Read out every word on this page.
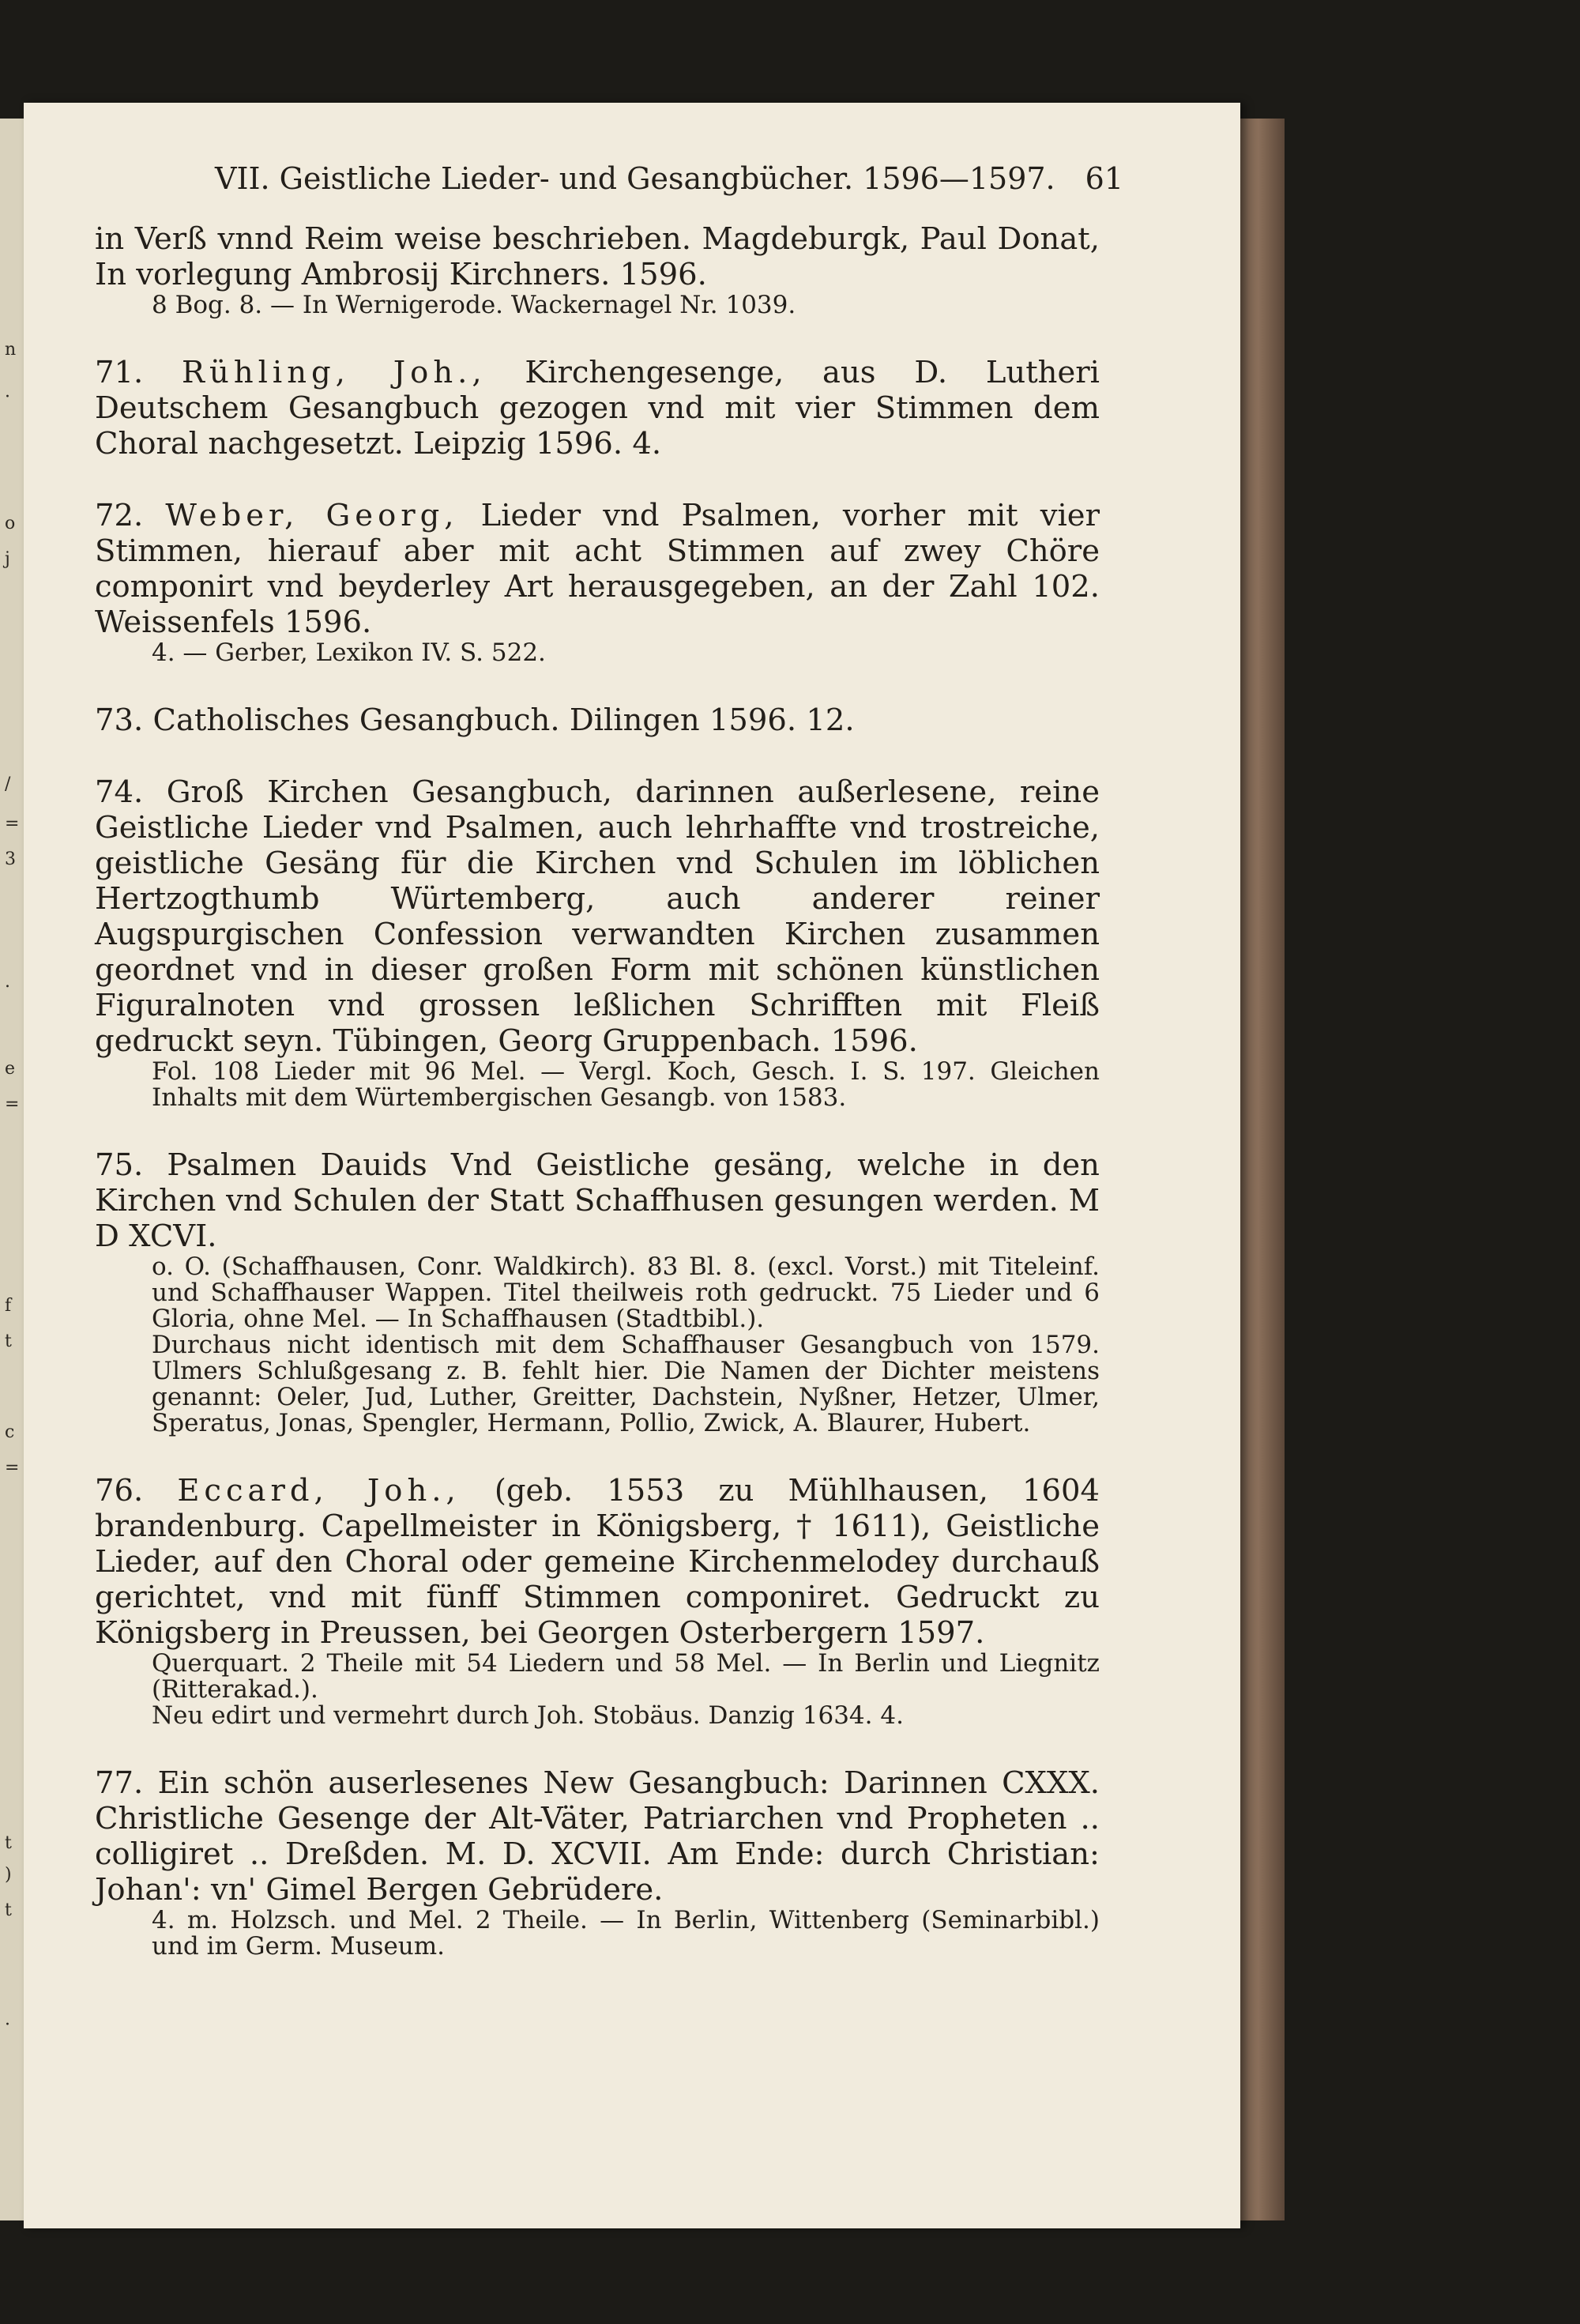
n
·
o
j
/
=
3
.
e
=
f
t
c
=
t
)
t
·
VII. Geistliche Lieder- und Gesangbücher. 1596—1597. 61

in Verß vnnd Reim weise beschrieben. Magdeburgk, Paul Donat, In vorlegung Ambrosij Kirchners. 1596.

8 Bog. 8. — In Wernigerode. Wackernagel Nr. 1039.

71. Rühling, Joh., Kirchengesenge, aus D. Lutheri Deutschem Gesangbuch gezogen vnd mit vier Stimmen dem Choral nachgesetzt. Leipzig 1596. 4.

72. Weber, Georg, Lieder vnd Psalmen, vorher mit vier Stimmen, hierauf aber mit acht Stimmen auf zwey Chöre componirt vnd beyderley Art herausgegeben, an der Zahl 102. Weissenfels 1596.

4. — Gerber, Lexikon IV. S. 522.

73. Catholisches Gesangbuch. Dilingen 1596. 12.

74. Groß Kirchen Gesangbuch, darinnen außerlesene, reine Geistliche Lieder vnd Psalmen, auch lehrhaffte vnd trostreiche, geistliche Gesäng für die Kirchen vnd Schulen im löblichen Hertzogthumb Würtemberg, auch anderer reiner Augspurgischen Confession verwandten Kirchen zusammen geordnet vnd in dieser großen Form mit schönen künstlichen Figuralnoten vnd grossen leßlichen Schrifften mit Fleiß gedruckt seyn. Tübingen, Georg Gruppenbach. 1596.

Fol. 108 Lieder mit 96 Mel. — Vergl. Koch, Gesch. I. S. 197. Gleichen Inhalts mit dem Würtembergischen Gesangb. von 1583.

75. Psalmen Dauids Vnd Geistliche gesäng, welche in den Kirchen vnd Schulen der Statt Schaffhusen gesungen werden. M D XCVI.

o. O. (Schaffhausen, Conr. Waldkirch). 83 Bl. 8. (excl. Vorst.) mit Titeleinf. und Schaffhauser Wappen. Titel theilweis roth gedruckt. 75 Lieder und 6 Gloria, ohne Mel. — In Schaffhausen (Stadtbibl.).

Durchaus nicht identisch mit dem Schaffhauser Gesangbuch von 1579. Ulmers Schlußgesang z. B. fehlt hier. Die Namen der Dichter meistens genannt: Oeler, Jud, Luther, Greitter, Dachstein, Nyßner, Hetzer, Ulmer, Speratus, Jonas, Spengler, Hermann, Pollio, Zwick, A. Blaurer, Hubert.

76. Eccard, Joh., (geb. 1553 zu Mühlhausen, 1604 brandenburg. Capellmeister in Königsberg, † 1611), Geistliche Lieder, auf den Choral oder gemeine Kirchenmelodey durchauß gerichtet, vnd mit fünff Stimmen componiret. Gedruckt zu Königsberg in Preussen, bei Georgen Osterbergern 1597.

Querquart. 2 Theile mit 54 Liedern und 58 Mel. — In Berlin und Liegnitz (Ritterakad.).

Neu edirt und vermehrt durch Joh. Stobäus. Danzig 1634. 4.

77. Ein schön auserlesenes New Gesangbuch: Darinnen CXXX. Christliche Gesenge der Alt-Väter, Patriarchen vnd Propheten .. colligiret .. Dreßden. M. D. XCVII. Am Ende: durch Christian: Johan': vn' Gimel Bergen Gebrüdere.

4. m. Holzsch. und Mel. 2 Theile. — In Berlin, Wittenberg (Seminarbibl.) und im Germ. Museum.
